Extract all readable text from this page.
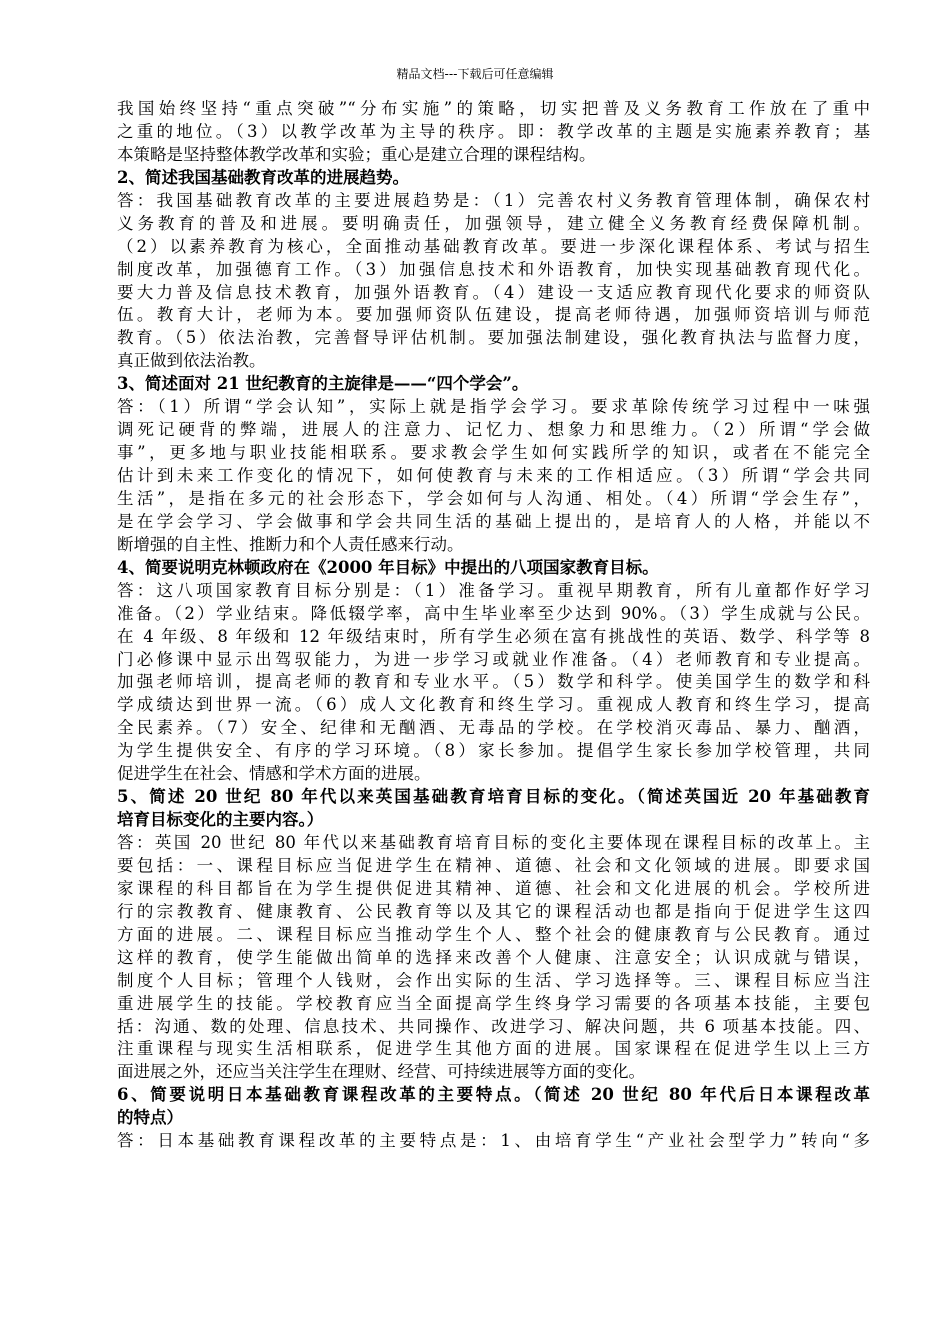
精品文档---下载后可任意编辑
我国始终坚持“重点突破”“分布实施”的策略，切实把普及义务教育工作放在了重中
之重的地位。（3）以教学改革为主导的秩序。即：教学改革的主题是实施素养教育；基
本策略是坚持整体教学改革和实验；重心是建立合理的课程结构。
2、简述我国基础教育改革的进展趋势。
答：我国基础教育改革的主要进展趋势是：（1）完善农村义务教育管理体制，确保农村
义务教育的普及和进展。要明确责任，加强领导，建立健全义务教育经费保障机制。
（2）以素养教育为核心，全面推动基础教育改革。要进一步深化课程体系、考试与招生
制度改革，加强德育工作。（3）加强信息技术和外语教育，加快实现基础教育现代化。
要大力普及信息技术教育，加强外语教育。（4）建设一支适应教育现代化要求的师资队
伍。教育大计，老师为本。要加强师资队伍建设，提高老师待遇，加强师资培训与师范
教育。（5）依法治教，完善督导评估机制。要加强法制建设，强化教育执法与监督力度，
真正做到依法治教。
3、简述面对 21 世纪教育的主旋律是——“四个学会”。
答：（1）所谓“学会认知”，实际上就是指学会学习。要求革除传统学习过程中一味强
调死记硬背的弊端，进展人的注意力、记忆力、想象力和思维力。（2）所谓“学会做
事”，更多地与职业技能相联系。要求教会学生如何实践所学的知识，或者在不能完全
估计到未来工作变化的情况下，如何使教育与未来的工作相适应。（3）所谓“学会共同
生活”，是指在多元的社会形态下，学会如何与人沟通、相处。（4）所谓“学会生存”，
是在学会学习、学会做事和学会共同生活的基础上提出的，是培育人的人格，并能以不
断增强的自主性、推断力和个人责任感来行动。
4、简要说明克林顿政府在《2000 年目标》中提出的八项国家教育目标。
答：这八项国家教育目标分别是：（1）准备学习。重视早期教育，所有儿童都作好学习
准备。（2）学业结束。降低辍学率，高中生毕业率至少达到 90%。（3）学生成就与公民。
在 4 年级、8 年级和 12 年级结束时，所有学生必须在富有挑战性的英语、数学、科学等 8
门必修课中显示出驾驭能力，为进一步学习或就业作准备。（4）老师教育和专业提高。
加强老师培训，提高老师的教育和专业水平。（5）数学和科学。使美国学生的数学和科
学成绩达到世界一流。（6）成人文化教育和终生学习。重视成人教育和终生学习，提高
全民素养。（7）安全、纪律和无酗酒、无毒品的学校。在学校消灭毒品、暴力、酗酒，
为学生提供安全、有序的学习环境。（8）家长参加。提倡学生家长参加学校管理，共同
促进学生在社会、情感和学术方面的进展。
5、简述 20 世纪 80 年代以来英国基础教育培育目标的变化。（简述英国近 20 年基础教育
培育目标变化的主要内容。）
答：英国 20 世纪 80 年代以来基础教育培育目标的变化主要体现在课程目标的改革上。主
要包括：一、课程目标应当促进学生在精神、道德、社会和文化领域的进展。即要求国
家课程的科目都旨在为学生提供促进其精神、道德、社会和文化进展的机会。学校所进
行的宗教教育、健康教育、公民教育等以及其它的课程活动也都是指向于促进学生这四
方面的进展。二、课程目标应当推动学生个人、整个社会的健康教育与公民教育。通过
这样的教育，使学生能做出简单的选择来改善个人健康、注意安全；认识成就与错误，
制度个人目标；管理个人钱财，会作出实际的生活、学习选择等。三、课程目标应当注
重进展学生的技能。学校教育应当全面提高学生终身学习需要的各项基本技能，主要包
括：沟通、数的处理、信息技术、共同操作、改进学习、解决问题，共 6 项基本技能。四、
注重课程与现实生活相联系，促进学生其他方面的进展。国家课程在促进学生以上三方
面进展之外，还应当关注学生在理财、经营、可持续进展等方面的变化。
6、简要说明日本基础教育课程改革的主要特点。（简述 20 世纪 80 年代后日本课程改革
的特点）
答：日本基础教育课程改革的主要特点是：1、由培育学生“产业社会型学力”转向“多
